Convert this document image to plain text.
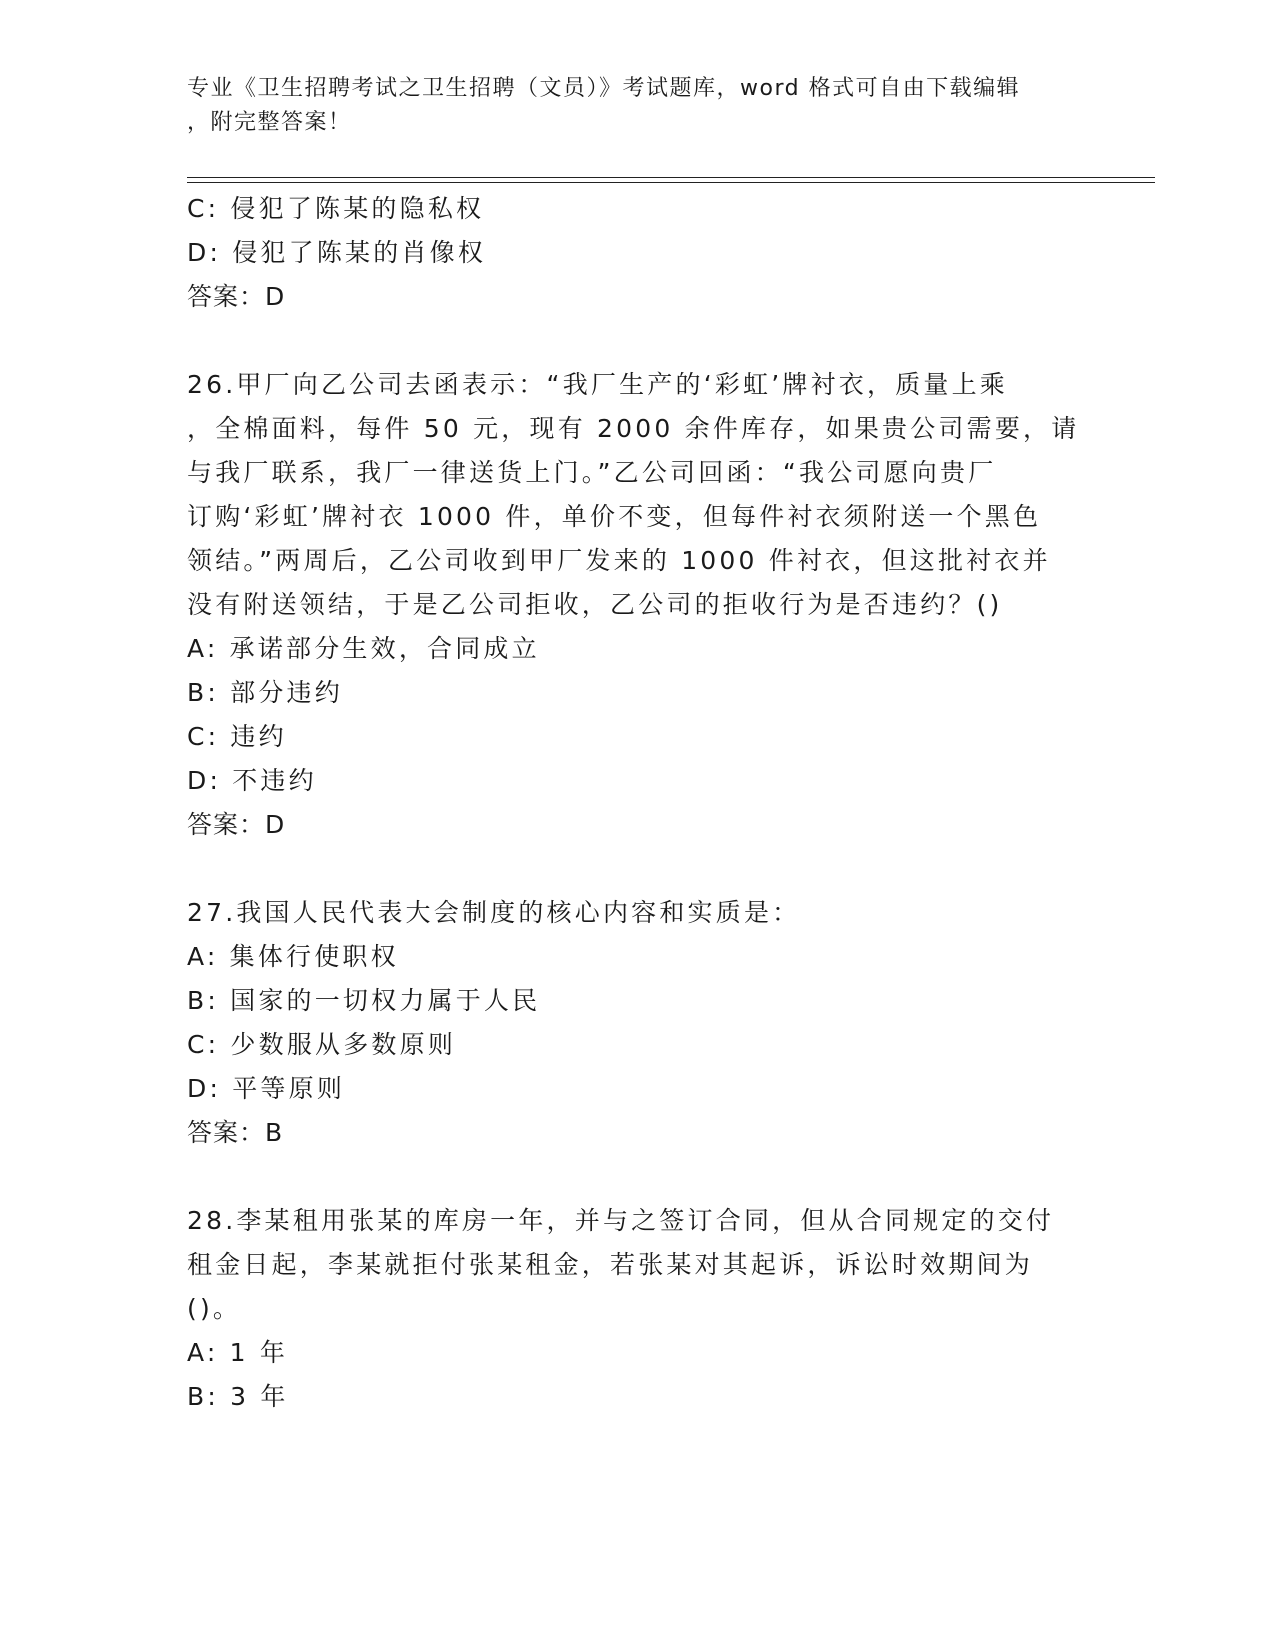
专业《卫生招聘考试之卫生招聘（文员）》考试题库，word 格式可自由下载编辑
，附完整答案！
C: 侵犯了陈某的隐私权
D: 侵犯了陈某的肖像权
答案：D
26.甲厂向乙公司去函表示：“我厂生产的‘彩虹’牌衬衣，质量上乘
，全棉面料，每件 50 元，现有 2000 余件库存，如果贵公司需要，请
与我厂联系，我厂一律送货上门。”乙公司回函：“我公司愿向贵厂
订购‘彩虹’牌衬衣 1000 件，单价不变，但每件衬衣须附送一个黑色
领结。”两周后，乙公司收到甲厂发来的 1000 件衬衣，但这批衬衣并
没有附送领结，于是乙公司拒收，乙公司的拒收行为是否违约？()
A: 承诺部分生效，合同成立
B: 部分违约
C: 违约
D: 不违约
答案：D
27.我国人民代表大会制度的核心内容和实质是：
A: 集体行使职权
B: 国家的一切权力属于人民
C: 少数服从多数原则
D: 平等原则
答案：B
28.李某租用张某的库房一年，并与之签订合同，但从合同规定的交付
租金日起，李某就拒付张某租金，若张某对其起诉，诉讼时效期间为
()。
A: 1 年
B: 3 年
